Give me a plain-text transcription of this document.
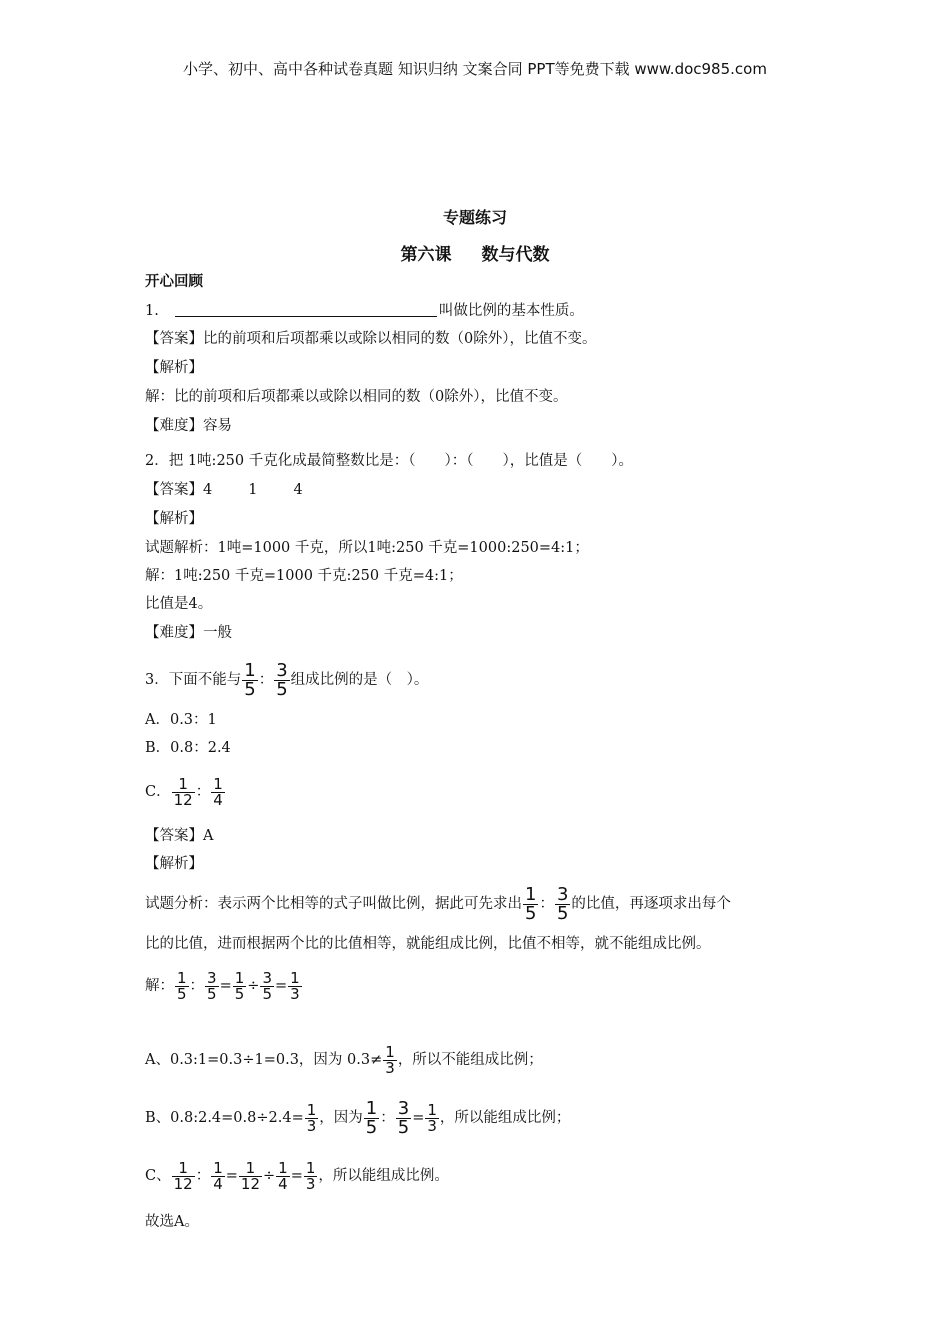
小学、初中、高中各种试卷真题 知识归纳 文案合同 PPT等免费下载 www.doc985.com
专题练习
第六课 数与代数
开心回顾
1.	叫做比例的基本性质。
【答案】比的前项和后项都乘以或除以相同的数（0除外），比值不变。
【解析】
解：比的前项和后项都乘以或除以相同的数（0除外），比值不变。
【难度】容易
2．把 1吨:250 千克化成最简整数比是：（　　）：（　　），比值是（　　）。
【答案】4 1 4
【解析】
试题解析：1吨=1000 千克，所以1吨:250 千克=1000:250=4:1；
解：1吨:250 千克=1000 千克:250 千克=4:1；
比值是4。
【难度】一般
3．下面不能与 $\frac{1}{5}$ ： $\frac{3}{5}$ 组成比例的是（　）。
A．0.3：1
B．0.8：2.4
C． $\frac{1}{12}$ ： $\frac{1}{4}$
【答案】A
【解析】
试题分析：表示两个比相等的式子叫做比例，据此可先求出 $\frac{1}{5}$ ： $\frac{3}{5}$ 的比值，再逐项求出每个
比的比值，进而根据两个比的比值相等，就能组成比例，比值不相等，就不能组成比例。
解： $\frac{1}{5}$ ： $\frac{3}{5} = \frac{1}{5} \div \frac{3}{5} = \frac{1}{3}$
A、0.3:1=0.3÷1=0.3，因为 $0.3\ne \frac{1}{3}$ ，所以不能组成比例；
B、0.8:2.4=0.8÷2.4= $\frac{1}{3}$ ，因为 $\frac{1}{5}$ ： $\frac{3}{5} = \frac{1}{3}$ ，所以能组成比例；
C、 $\frac{1}{12}$ ： $\frac{1}{4} = \frac{1}{12} \div \frac{1}{4} = \frac{1}{3}$ ，所以能组成比例。
故选A。
